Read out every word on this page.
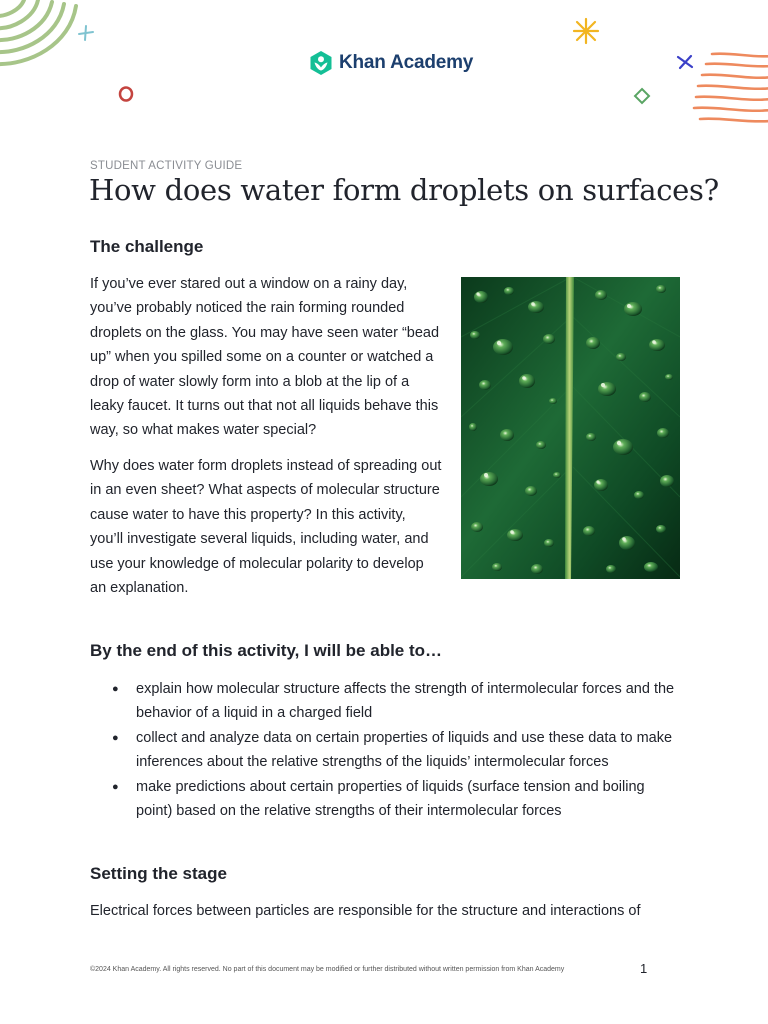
Khan Academy
STUDENT ACTIVITY GUIDE
How does water form droplets on surfaces?
The challenge

If you’ve ever stared out a window on a rainy day, you’ve probably noticed the rain forming rounded droplets on the glass. You may have seen water “bead up” when you spilled some on a counter or watched a drop of water slowly form into a blob at the lip of a leaky faucet. It turns out that not all liquids behave this way, so what makes water special?

Why does water form droplets instead of spreading out in an even sheet? What aspects of molecular structure cause water to have this property? In this activity, you’ll investigate several liquids, including water, and use your knowledge of molecular polarity to develop an explanation.

By the end of this activity, I will be able to…
● explain how molecular structure affects the strength of intermolecular forces and the behavior of a liquid in a charged field
● collect and analyze data on certain properties of liquids and use these data to make inferences about the relative strengths of the liquids’ intermolecular forces
● make predictions about certain properties of liquids (surface tension and boiling point) based on the relative strengths of their intermolecular forces
Setting the stage

Electrical forces between particles are responsible for the structure and interactions of

©2024 Khan Academy. All rights reserved. No part of this document may be modified or further distributed without written permission from Khan Academy	1
